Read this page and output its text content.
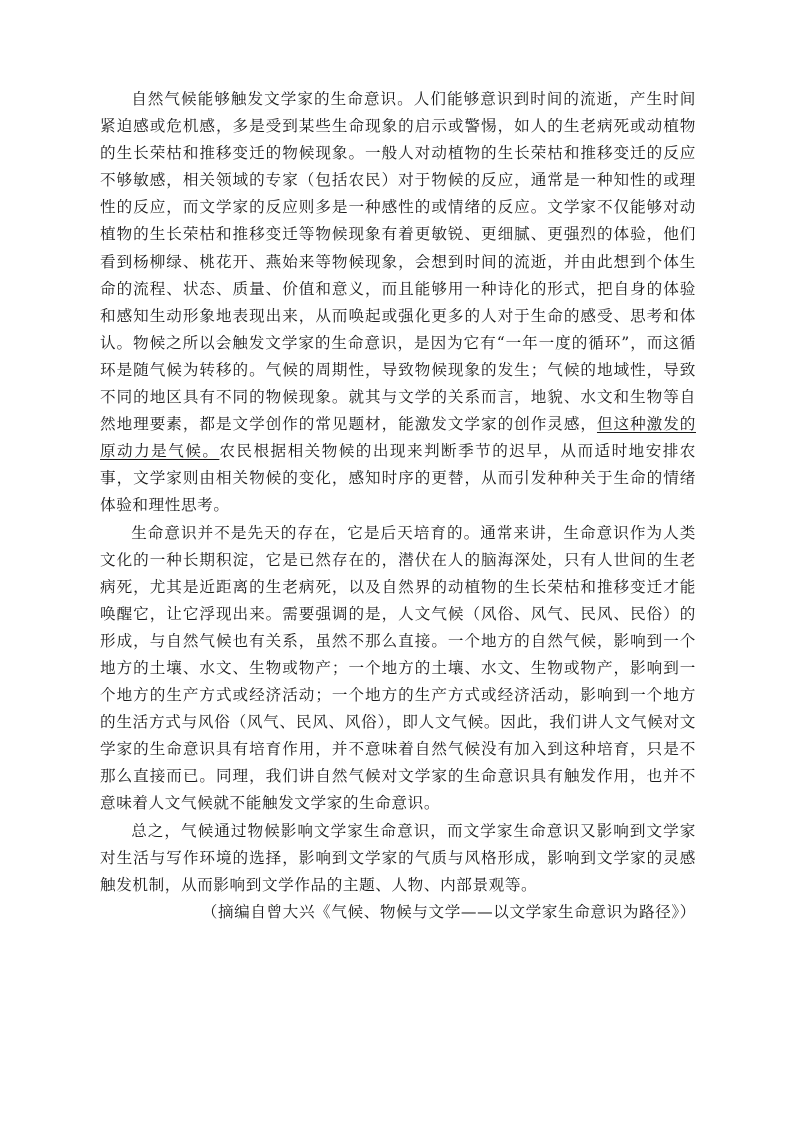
自然气候能够触发文学家的生命意识。人们能够意识到时间的流逝，产生时间紧迫感或危机感，多是受到某些生命现象的启示或警惕，如人的生老病死或动植物的生长荣枯和推移变迁的物候现象。一般人对动植物的生长荣枯和推移变迁的反应不够敏感，相关领域的专家（包括农民）对于物候的反应，通常是一种知性的或理性的反应，而文学家的反应则多是一种感性的或情绪的反应。文学家不仅能够对动植物的生长荣枯和推移变迁等物候现象有着更敏锐、更细腻、更强烈的体验，他们看到杨柳绿、桃花开、燕始来等物候现象，会想到时间的流逝，并由此想到个体生命的流程、状态、质量、价值和意义，而且能够用一种诗化的形式，把自身的体验和感知生动形象地表现出来，从而唤起或强化更多的人对于生命的感受、思考和体认。物候之所以会触发文学家的生命意识，是因为它有“一年一度的循环”，而这循环是随气候为转移的。气候的周期性，导致物候现象的发生；气候的地域性，导致不同的地区具有不同的物候现象。就其与文学的关系而言，地貌、水文和生物等自然地理要素，都是文学创作的常见题材，能激发文学家的创作灵感，但这种激发的原动力是气候。农民根据相关物候的出现来判断季节的迟早，从而适时地安排农事，文学家则由相关物候的变化，感知时序的更替，从而引发种种关于生命的情绪体验和理性思考。

生命意识并不是先天的存在，它是后天培育的。通常来讲，生命意识作为人类文化的一种长期积淀，它是已然存在的，潜伏在人的脑海深处，只有人世间的生老病死，尤其是近距离的生老病死，以及自然界的动植物的生长荣枯和推移变迁才能唤醒它，让它浮现出来。需要强调的是，人文气候（风俗、风气、民风、民俗）的形成，与自然气候也有关系，虽然不那么直接。一个地方的自然气候，影响到一个地方的土壤、水文、生物或物产；一个地方的土壤、水文、生物或物产，影响到一个地方的生产方式或经济活动；一个地方的生产方式或经济活动，影响到一个地方的生活方式与风俗（风气、民风、风俗），即人文气候。因此，我们讲人文气候对文学家的生命意识具有培育作用，并不意味着自然气候没有加入到这种培育，只是不那么直接而已。同理，我们讲自然气候对文学家的生命意识具有触发作用，也并不意味着人文气候就不能触发文学家的生命意识。

总之，气候通过物候影响文学家生命意识，而文学家生命意识又影响到文学家对生活与写作环境的选择，影响到文学家的气质与风格形成，影响到文学家的灵感触发机制，从而影响到文学作品的主题、人物、内部景观等。

（摘编自曾大兴《气候、物候与文学——以文学家生命意识为路径》）
